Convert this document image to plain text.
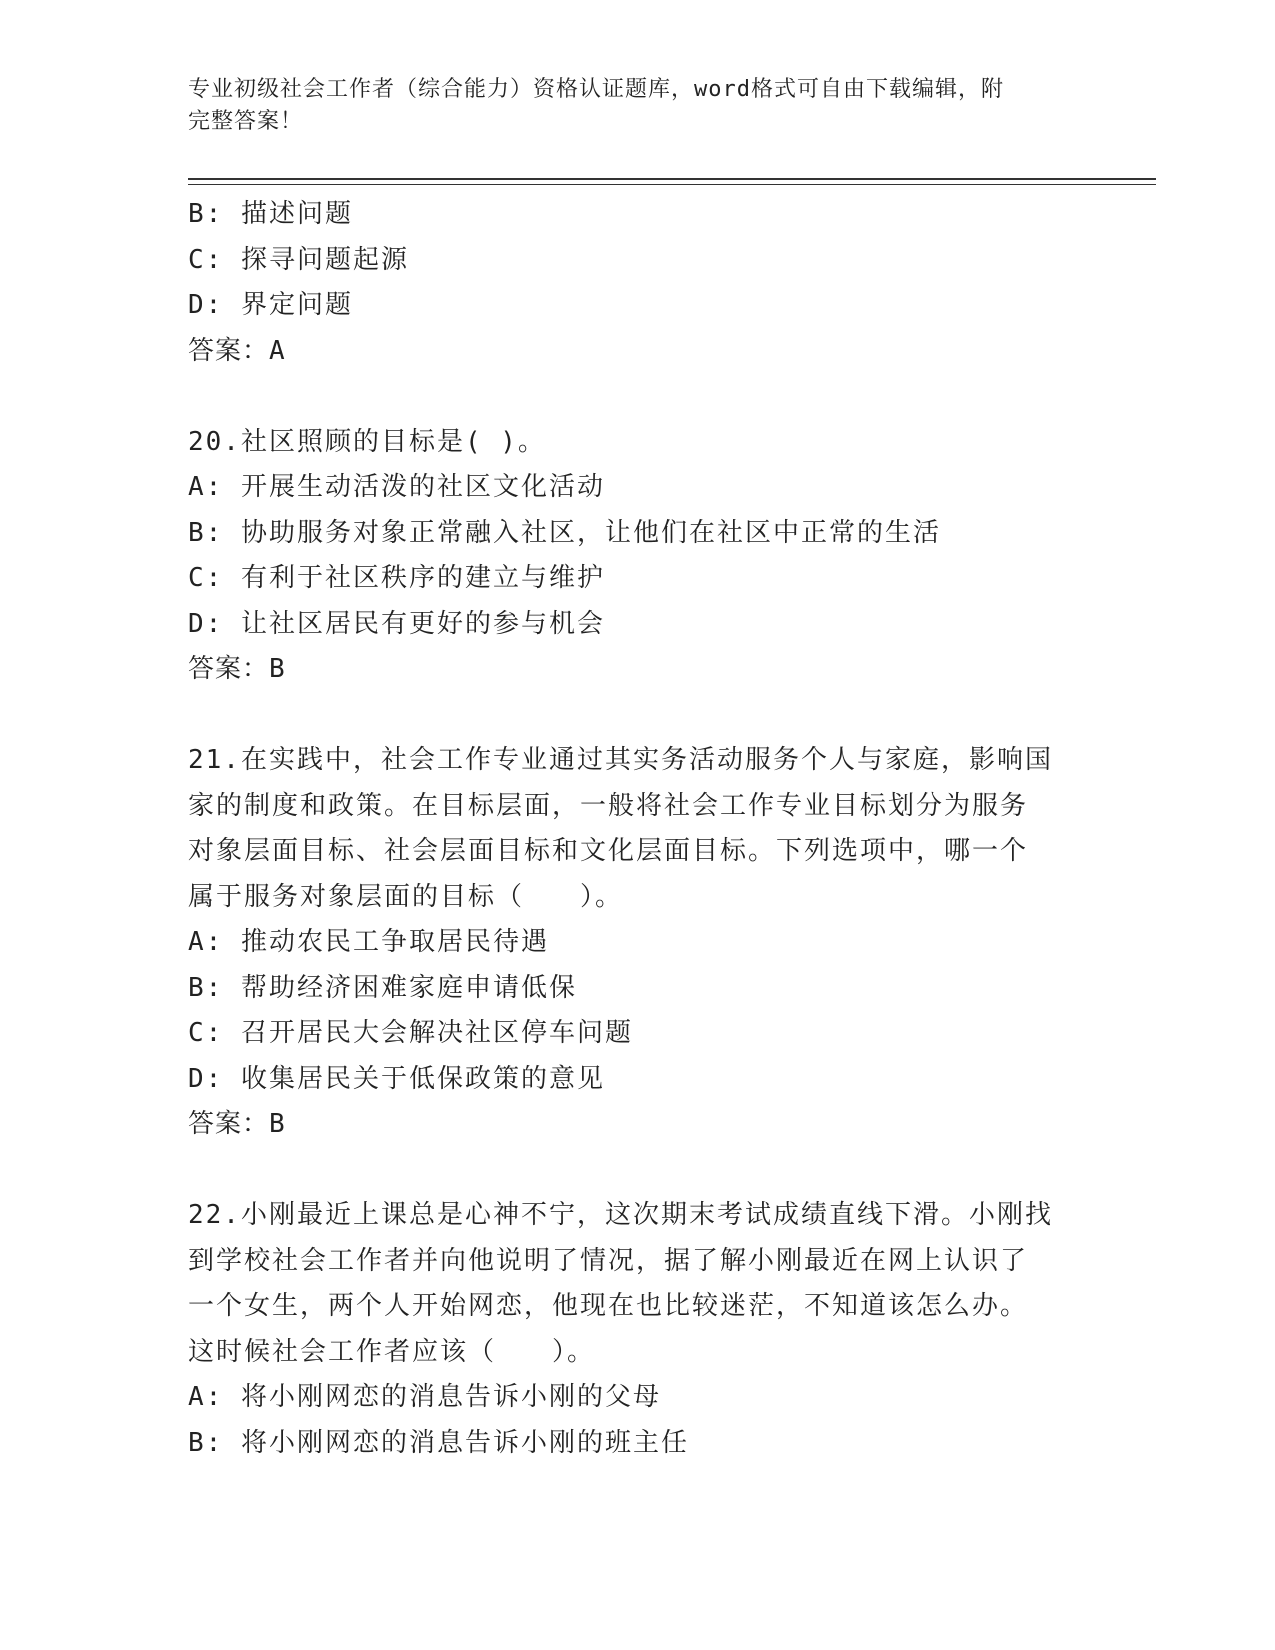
专业初级社会工作者（综合能力）资格认证题库，word格式可自由下载编辑，附
完整答案！
B: 描述问题
C: 探寻问题起源
D: 界定问题
答案：A
20.社区照顾的目标是( )。
A: 开展生动活泼的社区文化活动
B: 协助服务对象正常融入社区，让他们在社区中正常的生活
C: 有利于社区秩序的建立与维护
D: 让社区居民有更好的参与机会
答案：B
21.在实践中，社会工作专业通过其实务活动服务个人与家庭，影响国
家的制度和政策。在目标层面，一般将社会工作专业目标划分为服务
对象层面目标、社会层面目标和文化层面目标。下列选项中，哪一个
属于服务对象层面的目标（　　）。
A: 推动农民工争取居民待遇
B: 帮助经济困难家庭申请低保
C: 召开居民大会解决社区停车问题
D: 收集居民关于低保政策的意见
答案：B
22.小刚最近上课总是心神不宁，这次期末考试成绩直线下滑。小刚找
到学校社会工作者并向他说明了情况，据了解小刚最近在网上认识了
一个女生，两个人开始网恋，他现在也比较迷茫，不知道该怎么办。
这时候社会工作者应该（　　）。
A: 将小刚网恋的消息告诉小刚的父母
B: 将小刚网恋的消息告诉小刚的班主任
